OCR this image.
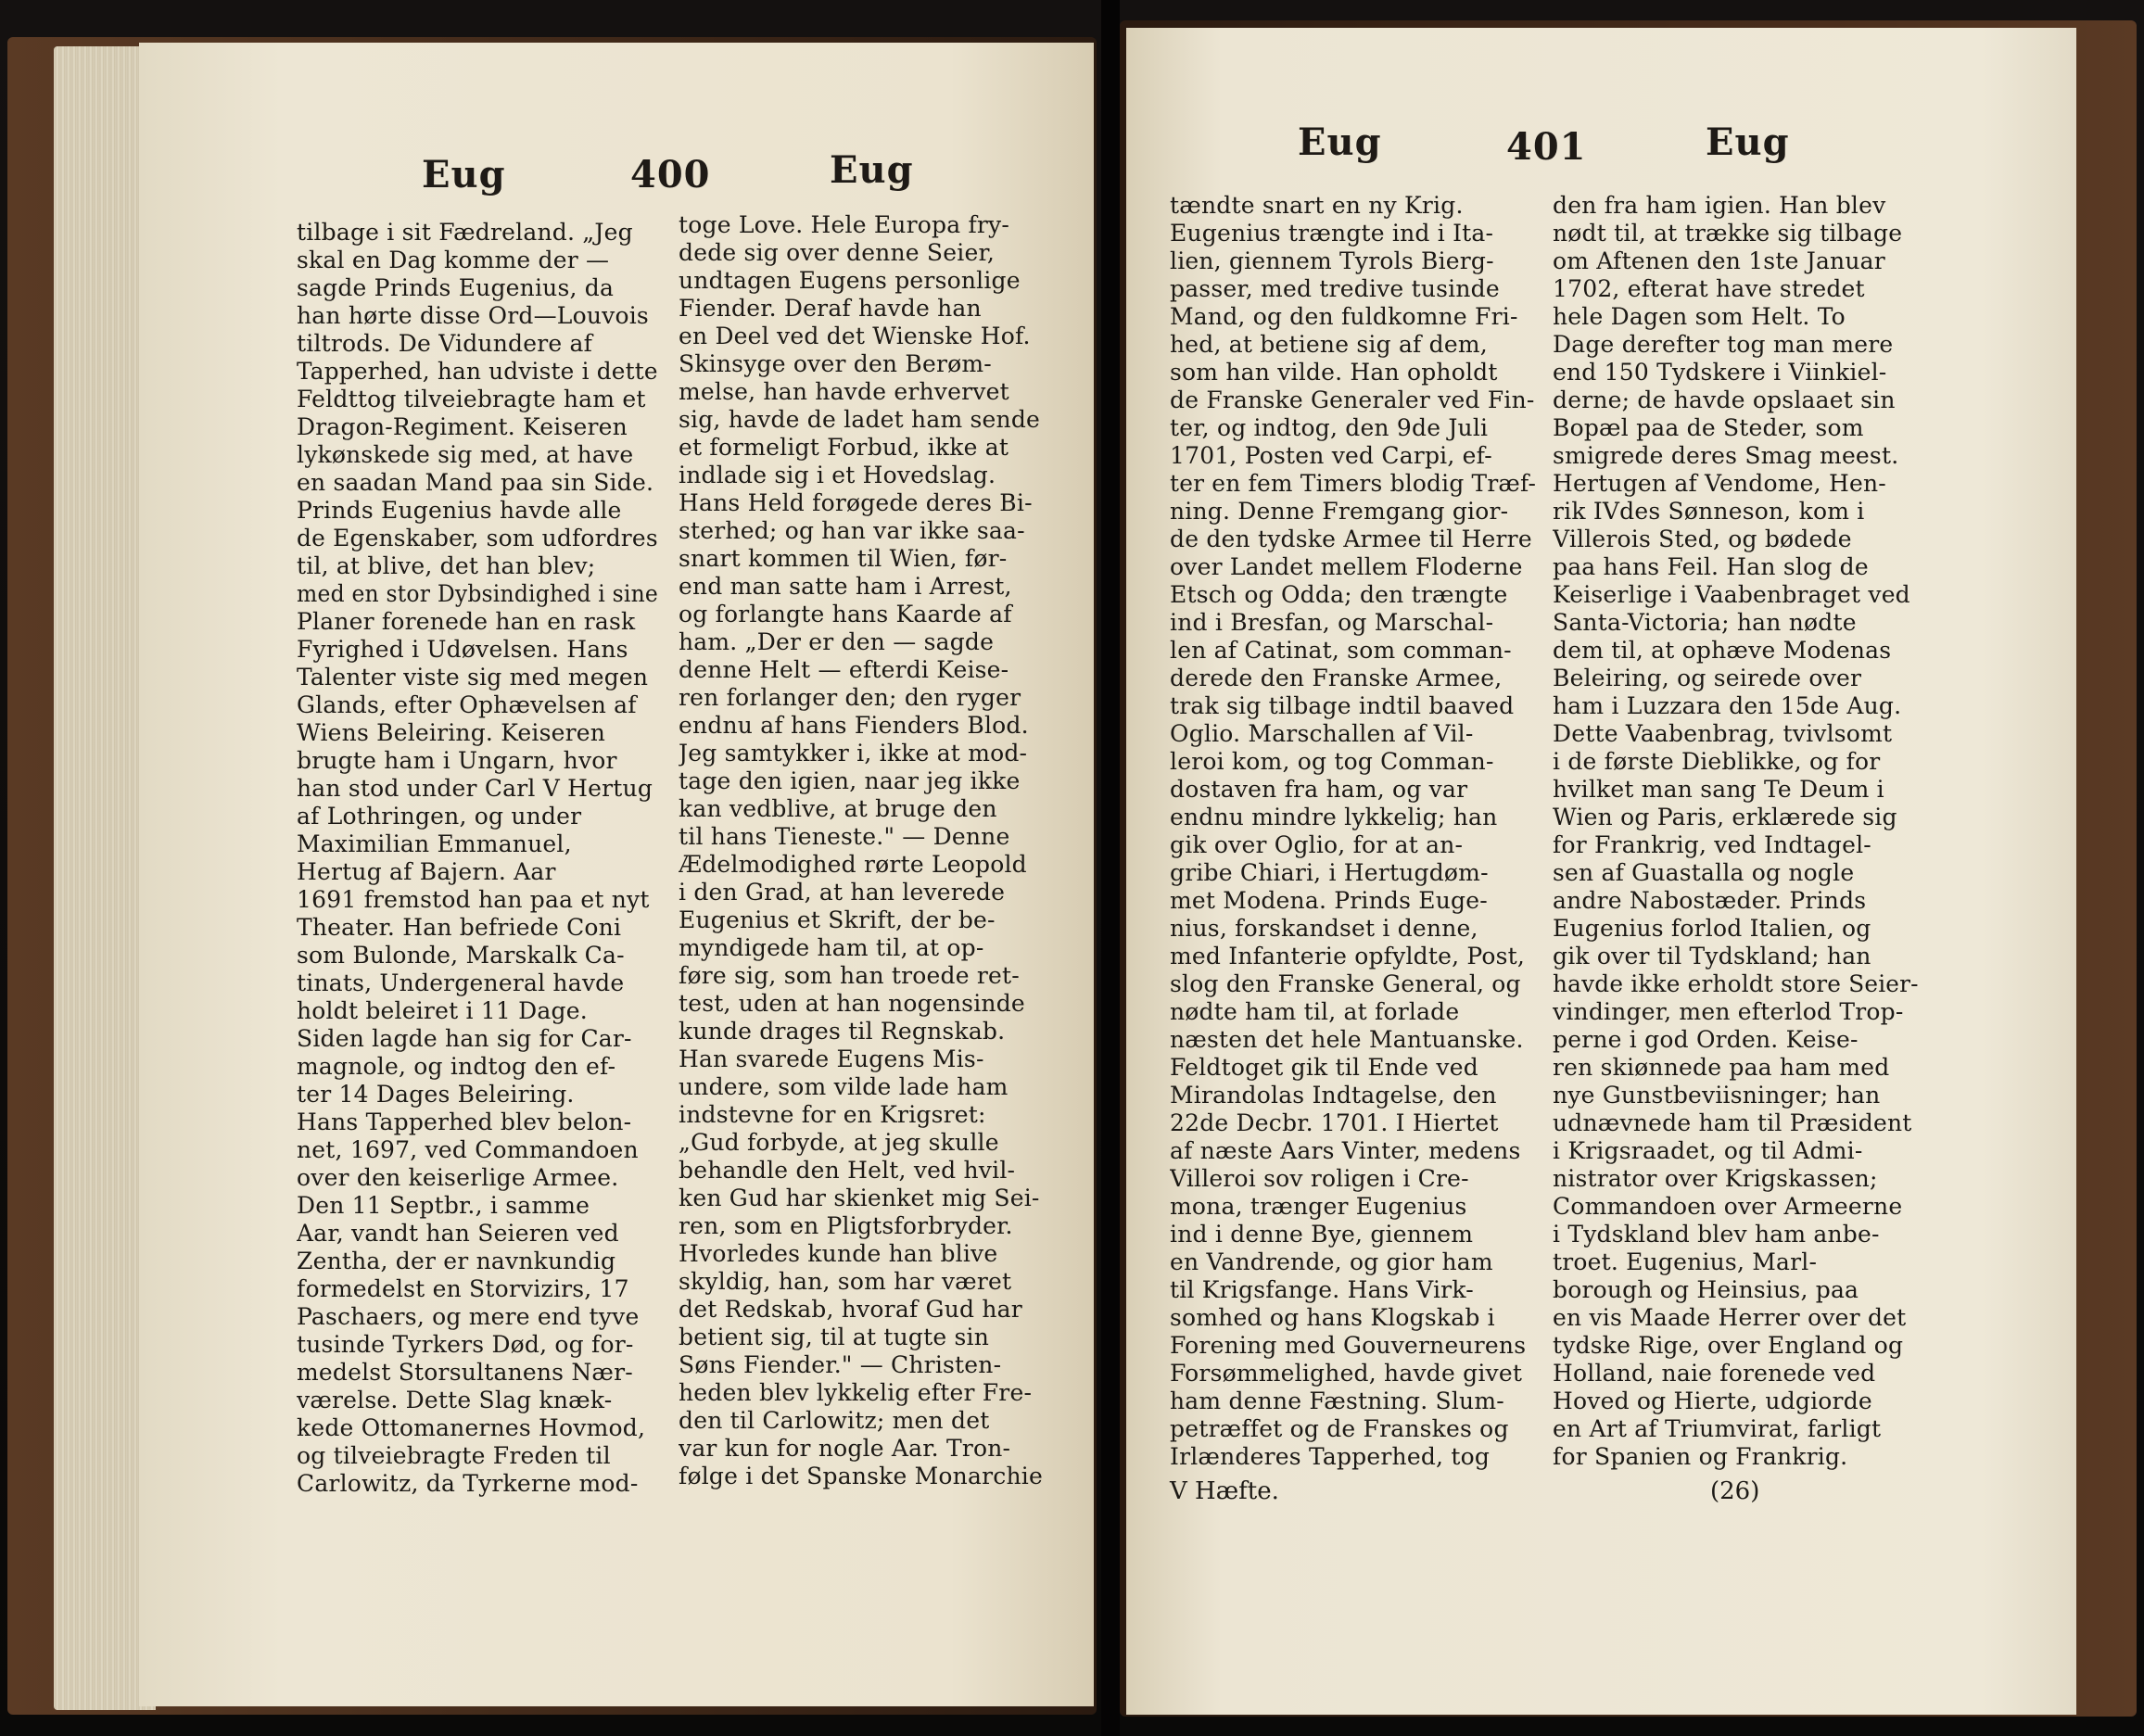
Eug	400	Eug
Eug	401	Eug
tilbage i sit Fædreland. „Jeg
skal en Dag komme der —
sagde Prinds Eugenius, da
han hørte disse Ord—Louvois
tiltrods. De Vidundere af
Tapperhed, han udviste i dette
Feldttog tilveiebragte ham et
Dragon-Regiment. Keiseren
lykønskede sig med, at have
en saadan Mand paa sin Side.
Prinds Eugenius havde alle
de Egenskaber, som udfordres
til, at blive, det han blev;
med en stor Dybsindighed i sine
Planer forenede han en rask
Fyrighed i Udøvelsen. Hans
Talenter viste sig med megen
Glands, efter Ophævelsen af
Wiens Beleiring. Keiseren
brugte ham i Ungarn, hvor
han stod under Carl V Hertug
af Lothringen, og under
Maximilian Emmanuel,
Hertug af Bajern. Aar
1691 fremstod han paa et nyt
Theater. Han befriede Coni
som Bulonde, Marskalk Ca-
tinats, Undergeneral havde
holdt beleiret i 11 Dage.
Siden lagde han sig for Car-
magnole, og indtog den ef-
ter 14 Dages Beleiring.
Hans Tapperhed blev belon-
net, 1697, ved Commandoen
over den keiserlige Armee.
Den 11 Septbr., i samme
Aar, vandt han Seieren ved
Zentha, der er navnkundig
formedelst en Storvizirs, 17
Paschaers, og mere end tyve
tusinde Tyrkers Død, og for-
medelst Storsultanens Nær-
værelse. Dette Slag knæk-
kede Ottomanernes Hovmod,
og tilveiebragte Freden til
Carlowitz, da Tyrkerne mod-
toge Love. Hele Europa fry-
dede sig over denne Seier,
undtagen Eugens personlige
Fiender. Deraf havde han
en Deel ved det Wienske Hof.
Skinsyge over den Berøm-
melse, han havde erhvervet
sig, havde de ladet ham sende
et formeligt Forbud, ikke at
indlade sig i et Hovedslag.
Hans Held forøgede deres Bi-
sterhed; og han var ikke saa-
snart kommen til Wien, før-
end man satte ham i Arrest,
og forlangte hans Kaarde af
ham. „Der er den — sagde
denne Helt — efterdi Keise-
ren forlanger den; den ryger
endnu af hans Fienders Blod.
Jeg samtykker i, ikke at mod-
tage den igien, naar jeg ikke
kan vedblive, at bruge den
til hans Tieneste." — Denne
Ædelmodighed rørte Leopold
i den Grad, at han leverede
Eugenius et Skrift, der be-
myndigede ham til, at op-
føre sig, som han troede ret-
test, uden at han nogensinde
kunde drages til Regnskab.
Han svarede Eugens Mis-
undere, som vilde lade ham
indstevne for en Krigsret:
„Gud forbyde, at jeg skulle
behandle den Helt, ved hvil-
ken Gud har skienket mig Sei-
ren, som en Pligtsforbryder.
Hvorledes kunde han blive
skyldig, han, som har været
det Redskab, hvoraf Gud har
betient sig, til at tugte sin
Søns Fiender." — Christen-
heden blev lykkelig efter Fre-
den til Carlowitz; men det
var kun for nogle Aar. Tron-
følge i det Spanske Monarchie
tændte snart en ny Krig.
Eugenius trængte ind i Ita-
lien, giennem Tyrols Bierg-
passer, med tredive tusinde
Mand, og den fuldkomne Fri-
hed, at betiene sig af dem,
som han vilde. Han opholdt
de Franske Generaler ved Fin-
ter, og indtog, den 9de Juli
1701, Posten ved Carpi, ef-
ter en fem Timers blodig Træf-
ning. Denne Fremgang gior-
de den tydske Armee til Herre
over Landet mellem Floderne
Etsch og Odda; den trængte
ind i Bresfan, og Marschal-
len af Catinat, som comman-
derede den Franske Armee,
trak sig tilbage indtil baaved
Oglio. Marschallen af Vil-
leroi kom, og tog Comman-
dostaven fra ham, og var
endnu mindre lykkelig; han
gik over Oglio, for at an-
gribe Chiari, i Hertugdøm-
met Modena. Prinds Euge-
nius, forskandset i denne,
med Infanterie opfyldte, Post,
slog den Franske General, og
nødte ham til, at forlade
næsten det hele Mantuanske.
Feldtoget gik til Ende ved
Mirandolas Indtagelse, den
22de Decbr. 1701. I Hiertet
af næste Aars Vinter, medens
Villeroi sov roligen i Cre-
mona, trænger Eugenius
ind i denne Bye, giennem
en Vandrende, og gior ham
til Krigsfange. Hans Virk-
somhed og hans Klogskab i
Forening med Gouverneurens
Forsømmelighed, havde givet
ham denne Fæstning. Slum-
petræffet og de Franskes og
Irlænderes Tapperhed, tog
den fra ham igien. Han blev
nødt til, at trække sig tilbage
om Aftenen den 1ste Januar
1702, efterat have stredet
hele Dagen som Helt. To
Dage derefter tog man mere
end 150 Tydskere i Viinkiel-
derne; de havde opslaaet sin
Bopæl paa de Steder, som
smigrede deres Smag meest.
Hertugen af Vendome, Hen-
rik IVdes Sønneson, kom i
Villerois Sted, og bødede
paa hans Feil. Han slog de
Keiserlige i Vaabenbraget ved
Santa-Victoria; han nødte
dem til, at ophæve Modenas
Beleiring, og seirede over
ham i Luzzara den 15de Aug.
Dette Vaabenbrag, tvivlsomt
i de første Dieblikke, og for
hvilket man sang Te Deum i
Wien og Paris, erklærede sig
for Frankrig, ved Indtagel-
sen af Guastalla og nogle
andre Nabostæder. Prinds
Eugenius forlod Italien, og
gik over til Tydskland; han
havde ikke erholdt store Seier-
vindinger, men efterlod Trop-
perne i god Orden. Keise-
ren skiønnede paa ham med
nye Gunstbeviisninger; han
udnævnede ham til Præsident
i Krigsraadet, og til Admi-
nistrator over Krigskassen;
Commandoen over Armeerne
i Tydskland blev ham anbe-
troet. Eugenius, Marl-
borough og Heinsius, paa
en vis Maade Herrer over det
tydske Rige, over England og
Holland, naie forenede ved
Hoved og Hierte, udgiorde
en Art af Triumvirat, farligt
for Spanien og Frankrig.
V Hæfte.	(26)
